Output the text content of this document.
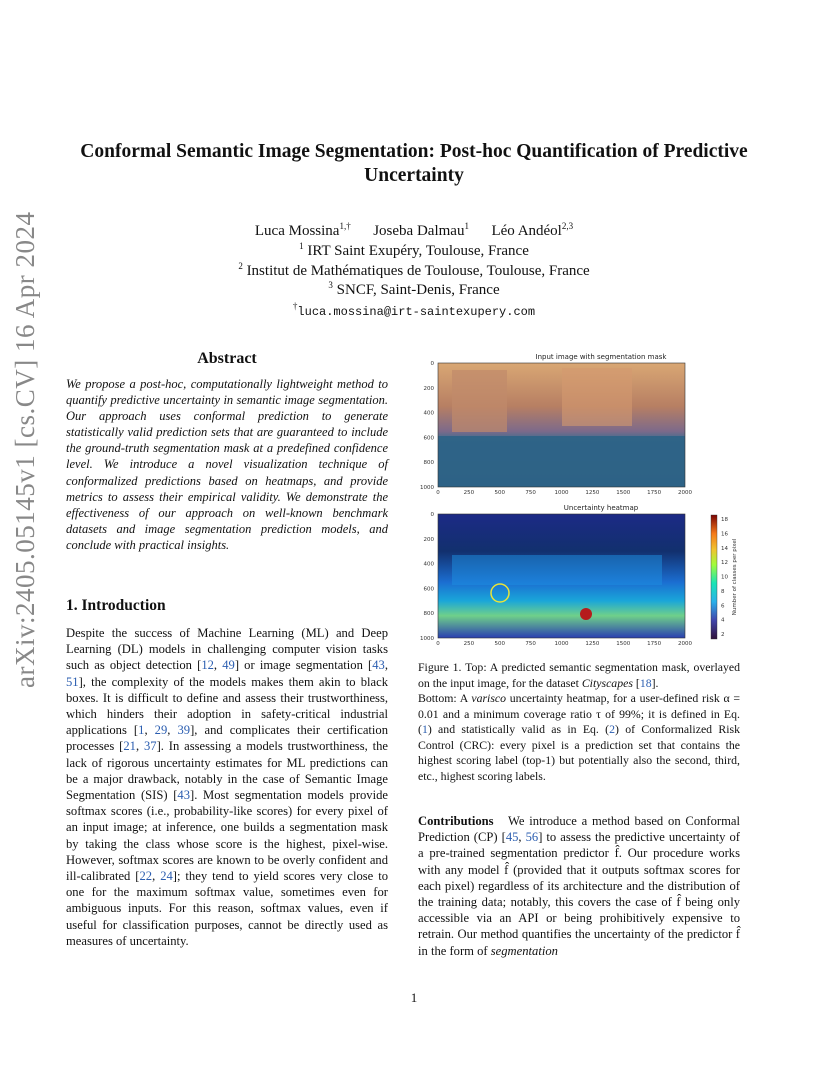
arXiv:2405.05145v1 [cs.CV] 16 Apr 2024
Conformal Semantic Image Segmentation: Post-hoc Quantification of Predictive Uncertainty
Luca Mossina$^{1,\dagger}$ Joseba Dalmau$^1$ Léo Andéol$^{2,3}$
$^1$ IRT Saint Exupéry, Toulouse, France
$^2$ Institut de Mathématiques de Toulouse, Toulouse, France
$^3$ SNCF, Saint-Denis, France
†luca.mossina@irt-saintexupery.com
Abstract
We propose a post-hoc, computationally lightweight method to quantify predictive uncertainty in semantic image segmentation. Our approach uses conformal prediction to generate statistically valid prediction sets that are guaranteed to include the ground-truth segmentation mask at a predefined confidence level. We introduce a novel visualization technique of conformalized predictions based on heatmaps, and provide metrics to assess their empirical validity. We demonstrate the effectiveness of our approach on well-known benchmark datasets and image segmentation prediction models, and conclude with practical insights.
1. Introduction
Despite the success of Machine Learning (ML) and Deep Learning (DL) models in challenging computer vision tasks such as object detection [12, 49] or image segmentation [43, 51], the complexity of the models makes them akin to black boxes. It is difficult to define and assess their trustworthiness, which hinders their adoption in safety-critical industrial applications [1, 29, 39], and complicates their certification processes [21, 37]. In assessing a models trustworthiness, the lack of rigorous uncertainty estimates for ML predictions can be a major drawback, notably in the case of Semantic Image Segmentation (SIS) [43]. Most segmentation models provide softmax scores (i.e., probability-like scores) for every pixel of an input image; at inference, one builds a segmentation mask by taking the class whose score is the highest, pixel-wise. However, softmax scores are known to be overly confident and ill-calibrated [22, 24]; they tend to yield scores very close to one for the maximum softmax value, sometimes even for ambiguous inputs. For this reason, softmax values, even if useful for classification purposes, cannot be directly used as measures of uncertainty.
Input image with segmentation mask
0
200
400
600
800
1000
0	250	500	750	1000	1250	1500	1750	2000
Uncertainty heatmap
0
200
400
600
800
1000
0	250	500	750	1000	1250	1500	1750	2000
18
16
14
12
10
8
6
4
2
Number of classes per pixel
Figure 1. Top: A predicted semantic segmentation mask, overlayed on the input image, for the dataset Cityscapes [18].
Bottom: A varisco uncertainty heatmap, for a user-defined risk α = 0.01 and a minimum coverage ratio τ of 99%; it is defined in Eq. (1) and statistically valid as in Eq. (2) of Conformalized Risk Control (CRC): every pixel is a prediction set that contains the highest scoring label (top-1) but potentially also the second, third, etc., highest scoring labels.
Contributions We introduce a method based on Conformal Prediction (CP) [45, 56] to assess the predictive uncertainty of a pre-trained segmentation predictor f̂. Our procedure works with any model f̂ (provided that it outputs softmax scores for each pixel) regardless of its architecture and the distribution of the training data; notably, this covers the case of f̂ being only accessible via an API or being prohibitively expensive to retrain. Our method quantifies the uncertainty of the predictor f̂ in the form of segmentation
1
